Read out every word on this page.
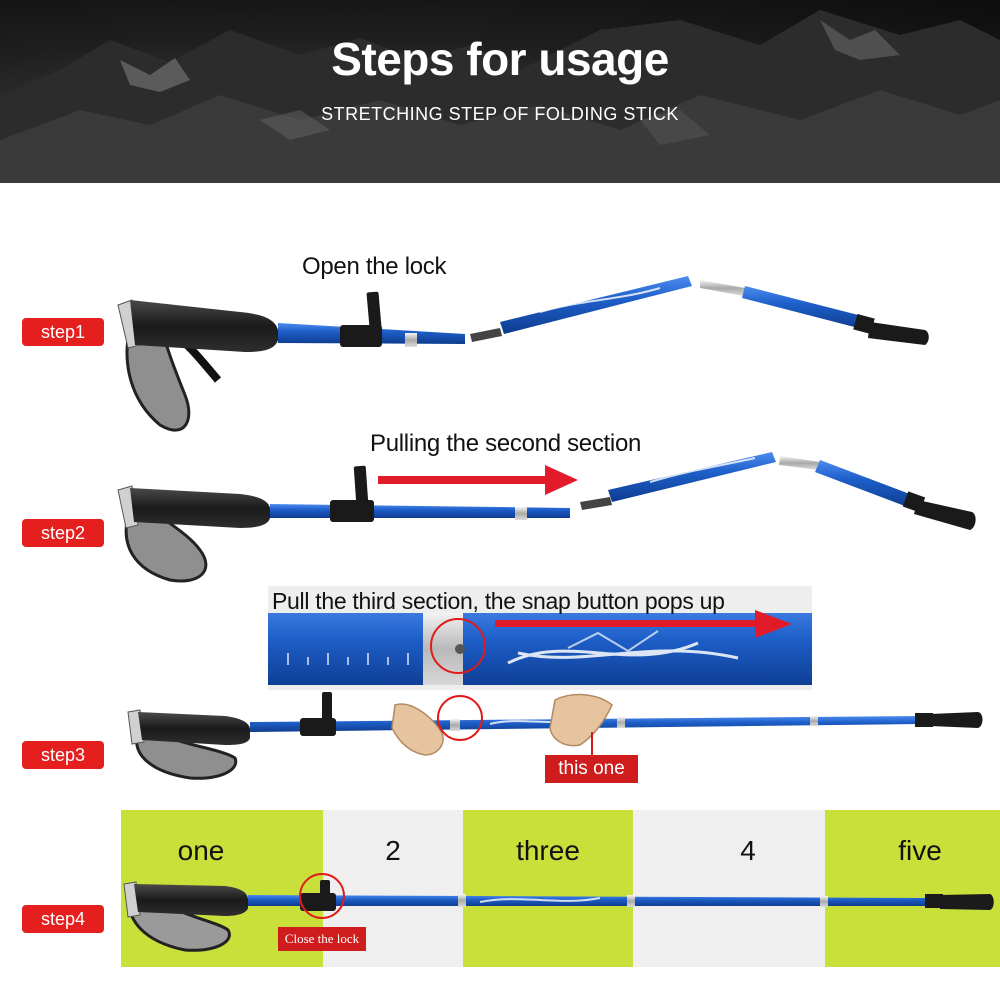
Steps for usage
STRETCHING STEP OF FOLDING STICK
one	2	three	4	five
step1
step2
step3
step4
Open the lock
Pulling the second section
Pull the third section, the snap button pops up
this one
Close the lock
